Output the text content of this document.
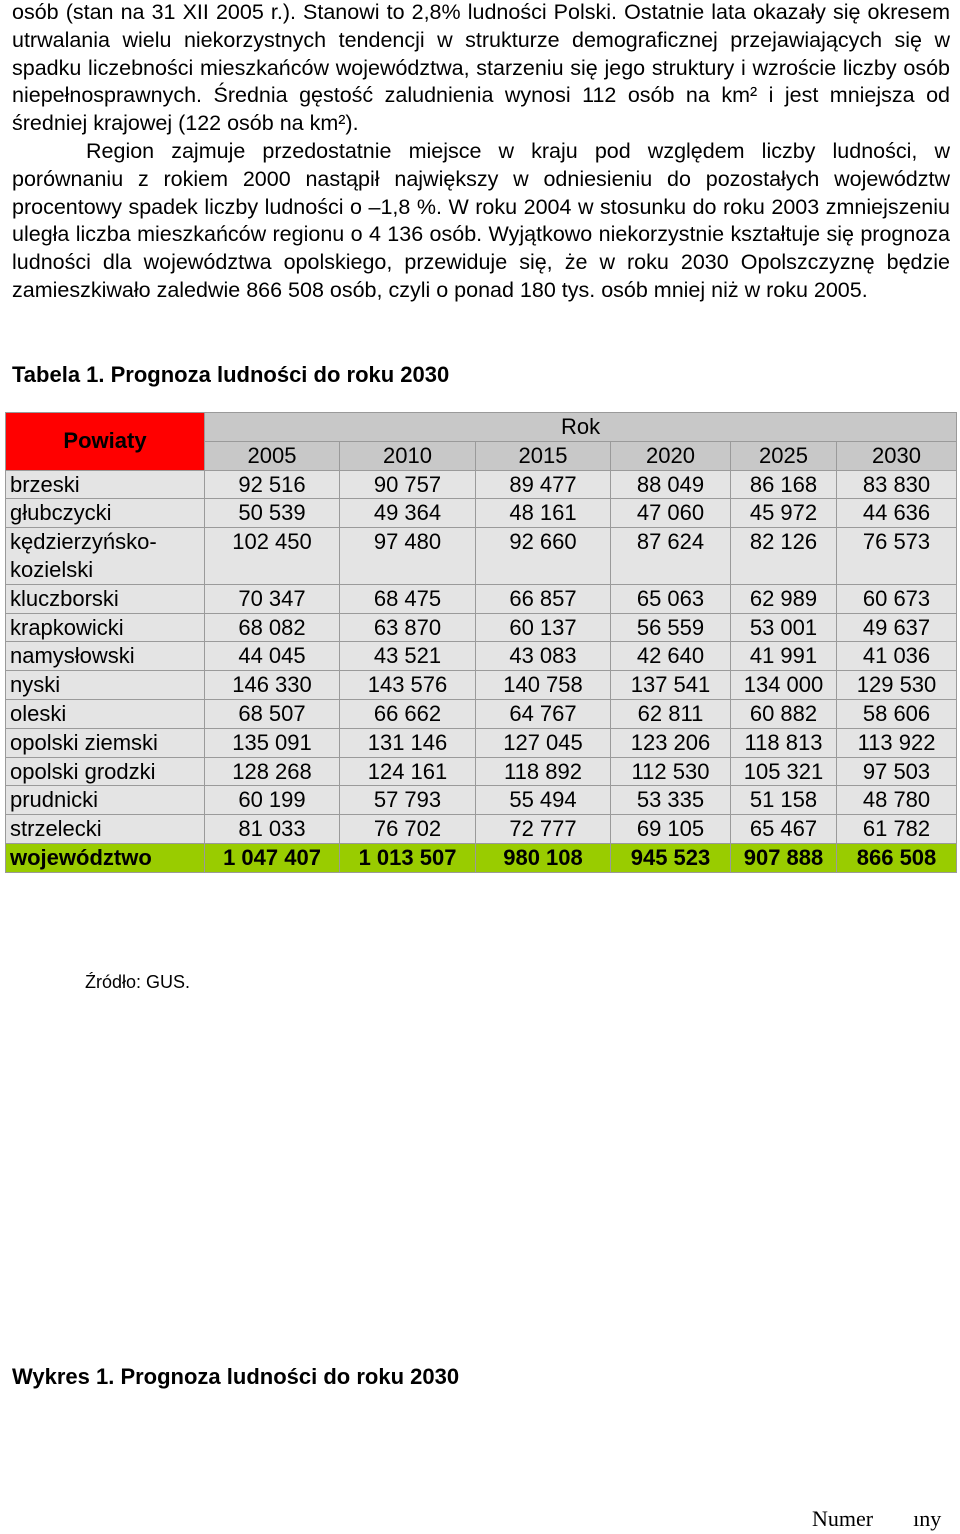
osób (stan na 31 XII 2005 r.). Stanowi to 2,8% ludności Polski. Ostatnie lata okazały się okresem utrwalania wielu niekorzystnych tendencji w strukturze demograficznej przejawiających się w spadku liczebności mieszkańców województwa, starzeniu się jego struktury i wzroście liczby osób niepełnosprawnych. Średnia gęstość zaludnienia wynosi 112 osób na km² i jest mniejsza od średniej krajowej (122 osób na km²).
Region zajmuje przedostatnie miejsce w kraju pod względem liczby ludności, w porównaniu z rokiem 2000 nastąpił największy w odniesieniu do pozostałych województw procentowy spadek liczby ludności o –1,8 %. W roku 2004 w stosunku do roku 2003 zmniejszeniu uległa liczba mieszkańców regionu o 4 136 osób. Wyjątkowo niekorzystnie kształtuje się prognoza ludności dla województwa opolskiego, przewiduje się, że w roku 2030 Opolszczyznę będzie zamieszkiwało zaledwie 866 508 osób, czyli o ponad 180 tys. osób mniej niż w roku 2005.
Tabela 1. Prognoza ludności do roku 2030
Powiaty	Rok					
	2005	2010	2015	2020	2025	2030
brzeski	92 516	90 757	89 477	88 049	86 168	83 830
głubczycki	50 539	49 364	48 161	47 060	45 972	44 636
kędzierzyńsko-kozielski	102 450	97 480	92 660	87 624	82 126	76 573
kluczborski	70 347	68 475	66 857	65 063	62 989	60 673
krapkowicki	68 082	63 870	60 137	56 559	53 001	49 637
namysłowski	44 045	43 521	43 083	42 640	41 991	41 036
nyski	146 330	143 576	140 758	137 541	134 000	129 530
oleski	68 507	66 662	64 767	62 811	60 882	58 606
opolski ziemski	135 091	131 146	127 045	123 206	118 813	113 922
opolski grodzki	128 268	124 161	118 892	112 530	105 321	97 503
prudnicki	60 199	57 793	55 494	53 335	51 158	48 780
strzelecki	81 033	76 702	72 777	69 105	65 467	61 782
województwo	1 047 407	1 013 507	980 108	945 523	907 888	866 508
Źródło: GUS.
Wykres 1. Prognoza ludności do roku 2030
Numer ıny
